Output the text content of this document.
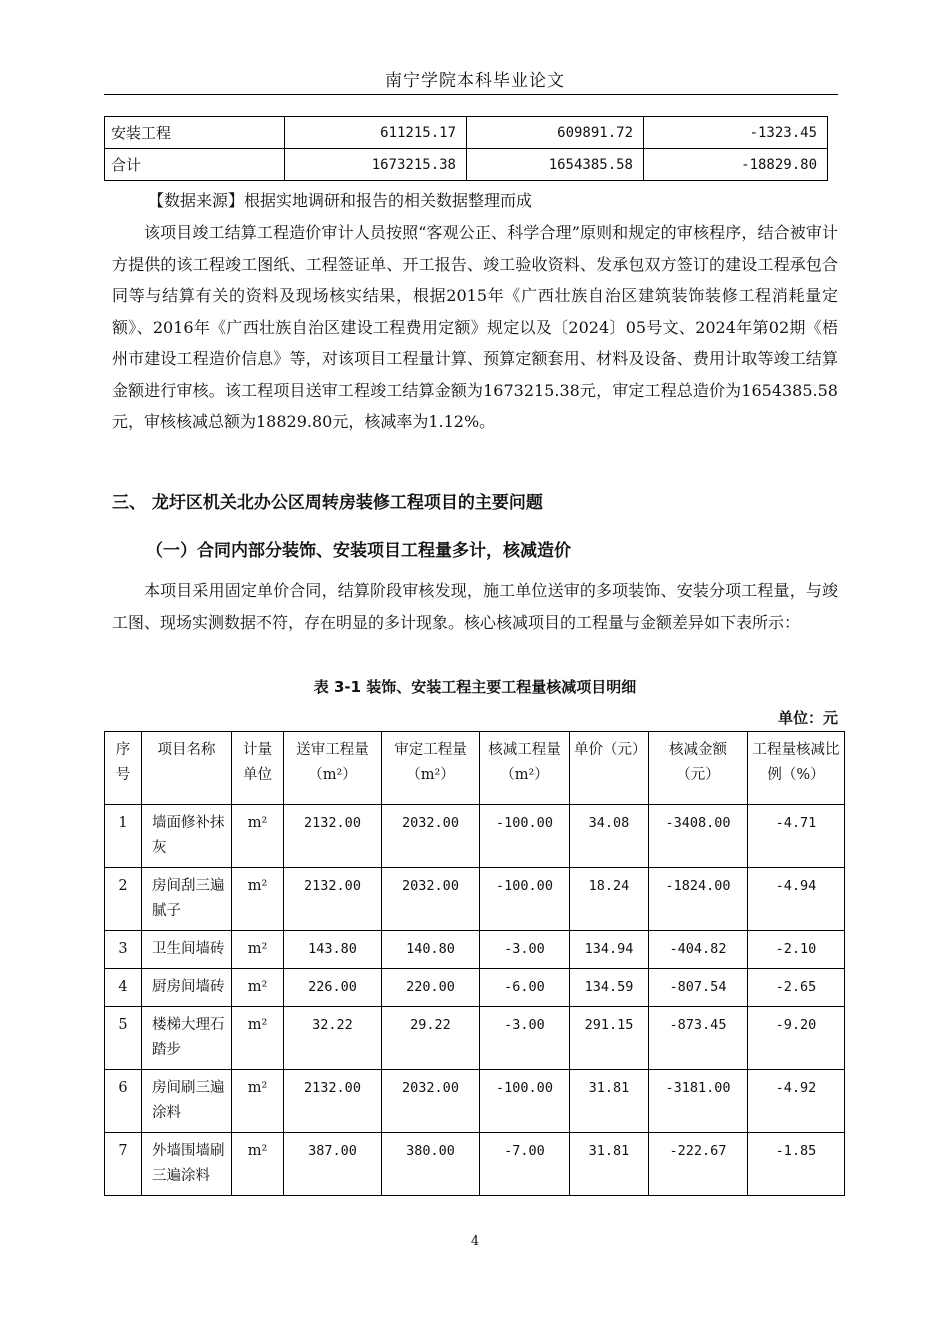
南宁学院本科毕业论文
安装工程	611215.17	609891.72	-1323.45
合计	1673215.38	1654385.58	-18829.80
【数据来源】根据实地调研和报告的相关数据整理而成
该项目竣工结算工程造价审计人员按照“客观公正、科学合理”原则和规定的审核程序，结合被审计方提供的该工程竣工图纸、工程签证单、开工报告、竣工验收资料、发承包双方签订的建设工程承包合同等与结算有关的资料及现场核实结果，根据2015年《广西壮族自治区建筑装饰装修工程消耗量定额》、2016年《广西壮族自治区建设工程费用定额》规定以及〔2024〕05号文、2024年第02期《梧州市建设工程造价信息》等，对该项目工程量计算、预算定额套用、材料及设备、费用计取等竣工结算金额进行审核。该工程项目送审工程竣工结算金额为1673215.38元，审定工程总造价为1654385.58元，审核核减总额为18829.80元，核减率为1.12%。
三、 龙圩区机关北办公区周转房装修工程项目的主要问题
（一）合同内部分装饰、安装项目工程量多计，核减造价
本项目采用固定单价合同，结算阶段审核发现，施工单位送审的多项装饰、安装分项工程量，与竣工图、现场实测数据不符，存在明显的多计现象。核心核减项目的工程量与金额差异如下表所示：
表 3-1 装饰、安装工程主要工程量核减项目明细
单位：元
序号	项目名称	计量单位	送审工程量（m²）	审定工程量（m²）	核减工程量（m²）	单价（元）	核减金额（元）	工程量核减比例（%）
1	墙面修补抹灰	m²	2132.00	2032.00	-100.00	34.08	-3408.00	-4.71
2	房间刮三遍腻子	m²	2132.00	2032.00	-100.00	18.24	-1824.00	-4.94
3	卫生间墙砖	m²	143.80	140.80	-3.00	134.94	-404.82	-2.10
4	厨房间墙砖	m²	226.00	220.00	-6.00	134.59	-807.54	-2.65
5	楼梯大理石踏步	m²	32.22	29.22	-3.00	291.15	-873.45	-9.20
6	房间刷三遍涂料	m²	2132.00	2032.00	-100.00	31.81	-3181.00	-4.92
7	外墙围墙刷三遍涂料	m²	387.00	380.00	-7.00	31.81	-222.67	-1.85
4
